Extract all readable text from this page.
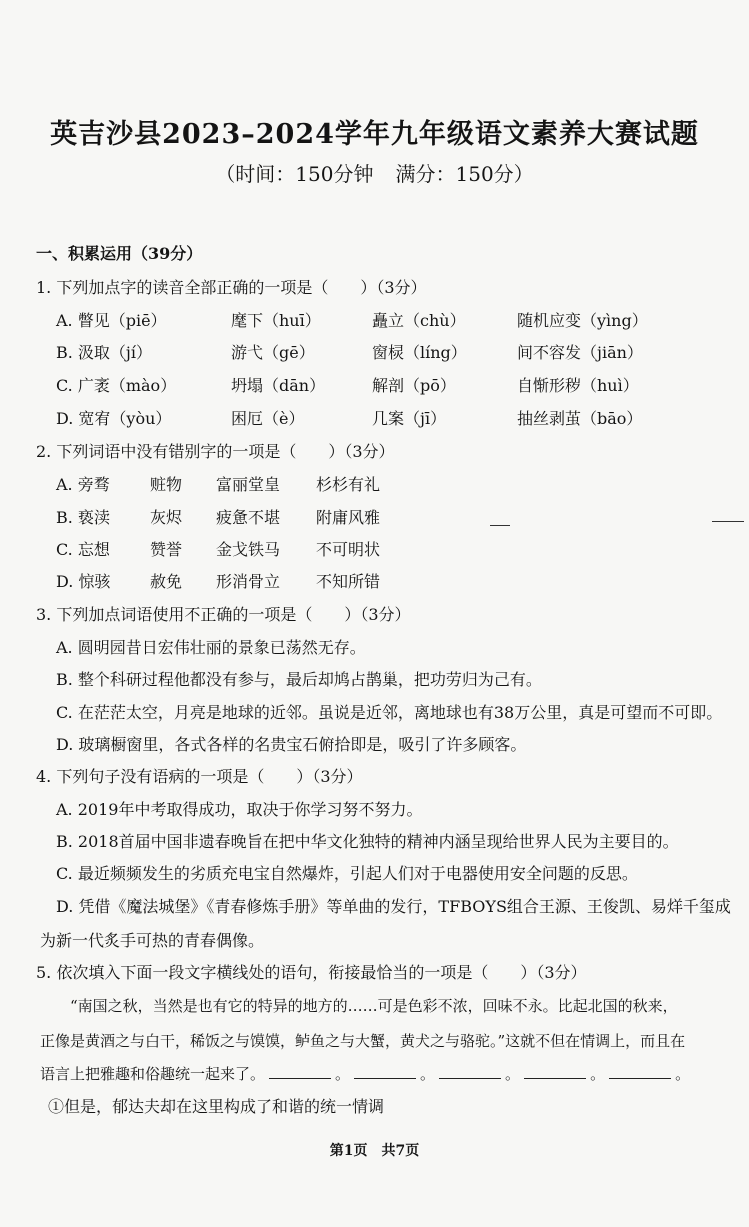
英吉沙县2023–2024学年九年级语文素养大赛试题
（时间：150分钟 满分：150分）
一、积累运用（39分）
1. 下列加点字的读音全部正确的一项是（　　）（3分）
A. 瞥见（piē）	麾下（huī）	矗立（chù）	随机应变（yìng）
B. 汲取（jí）	游弋（gē）	窗棂（líng）	间不容发（jiān）
C. 广袤（mào）	坍塌（dān）	解剖（pō）	自惭形秽（huì）
D. 宽宥（yòu）	困厄（è）	几案（jī）	抽丝剥茧（bāo）
2. 下列词语中没有错别字的一项是（　　）（3分）
A. 旁骛	赃物 富丽堂皇 杉杉有礼
B. 亵渎	灰烬 疲惫不堪 附庸风雅
C. 忘想	赞誉 金戈铁马 不可明状
D. 惊骇 赦免 形消骨立 不知所错
3. 下列加点词语使用不正确的一项是（　　）（3分）
A. 圆明园昔日宏伟壮丽的景象已荡然无存。
B. 整个科研过程他都没有参与，最后却鸠占鹊巢，把功劳归为己有。
C. 在茫茫太空，月亮是地球的近邻。虽说是近邻，离地球也有38万公里，真是可望而不可即。
D. 玻璃橱窗里，各式各样的名贵宝石俯拾即是，吸引了许多顾客。
4. 下列句子没有语病的一项是（　　）（3分）
A. 2019年中考取得成功，取决于你学习努不努力。
B. 2018首届中国非遗春晚旨在把中华文化独特的精神内涵呈现给世界人民为主要目的。
C. 最近频频发生的劣质充电宝自然爆炸，引起人们对于电器使用安全问题的反思。
D. 凭借《魔法城堡》《青春修炼手册》等单曲的发行，TFBOYS组合王源、王俊凯、易烊千玺成
为新一代炙手可热的青春偶像。
5. 依次填入下面一段文字横线处的语句，衔接最恰当的一项是（　　）（3分）
“南国之秋，当然是也有它的特异的地方的……可是色彩不浓，回味不永。比起北国的秋来，
正像是黄酒之与白干，稀饭之与馍馍，鲈鱼之与大蟹，黄犬之与骆驼。”这就不但在情调上，而且在
语言上把雅趣和俗趣统一起来了。	。	。	。	。	。
①但是，郁达夫却在这里构成了和谐的统一情调
第1页　共7页
